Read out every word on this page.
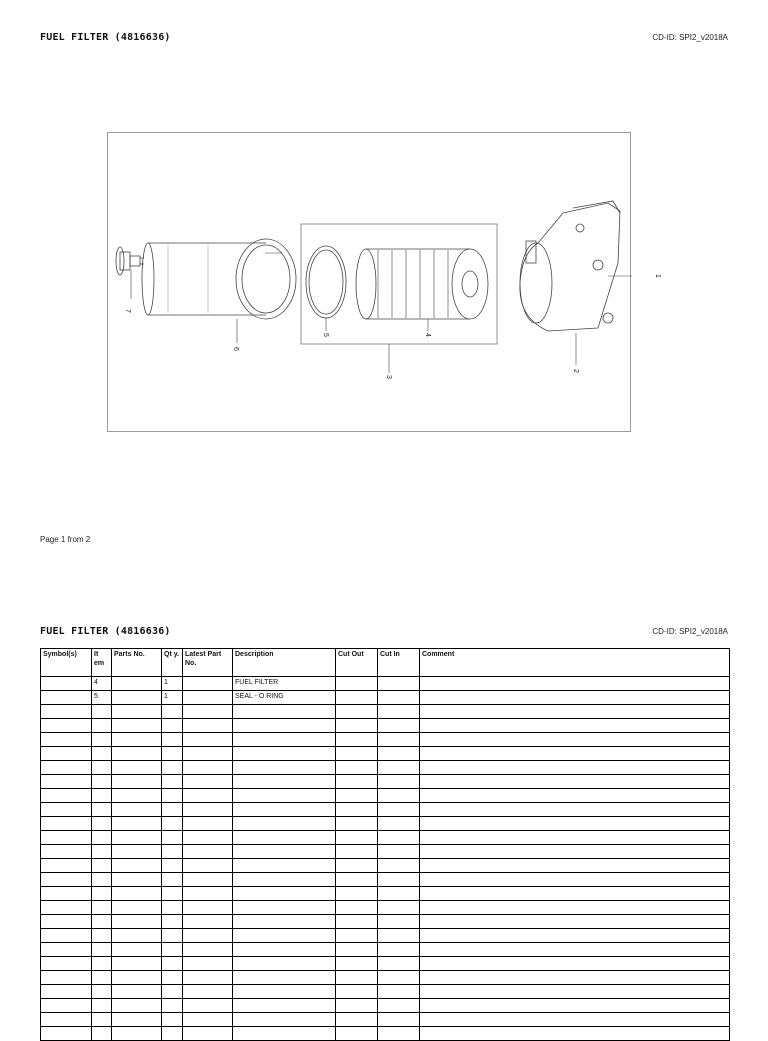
FUEL FILTER (4816636)	CD-ID: SPI2_v2018A
7
6
5	4
3
2
1
Page 1 from 2
FUEL FILTER (4816636)	CD-ID: SPI2_v2018A
Symbol(s)	It em	Parts No.	Qt y.	Latest Part No.	Description	Cut Out	Cut In	Comment
	4		1		FUEL FILTER			
	5		1		SEAL - O RING			
